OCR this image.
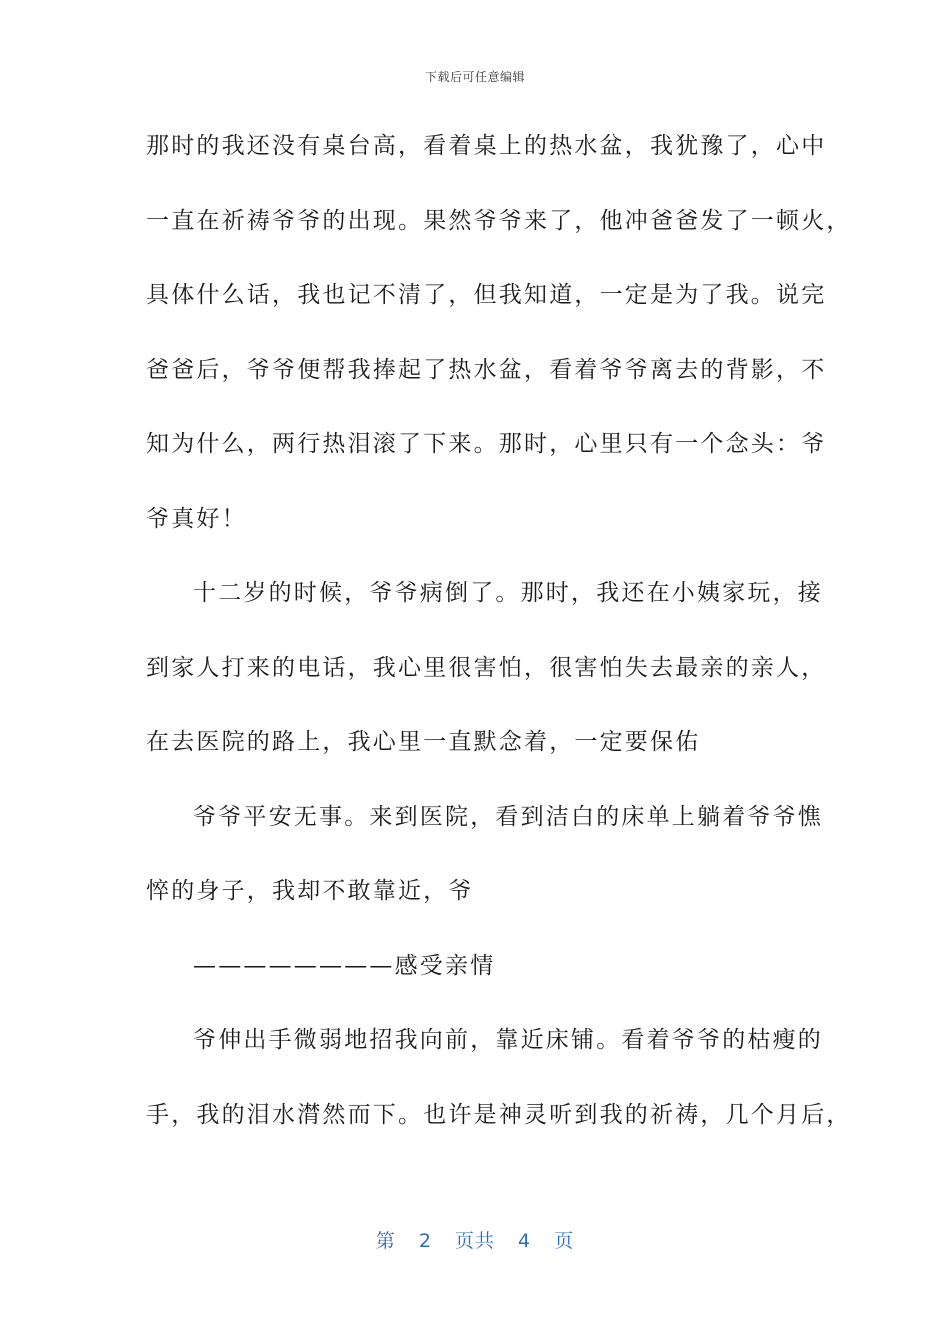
下载后可任意编辑
那时的我还没有桌台高，看着桌上的热水盆，我犹豫了，心中
一直在祈祷爷爷的出现。果然爷爷来了，他冲爸爸发了一顿火，
具体什么话，我也记不清了，但我知道，一定是为了我。说完
爸爸后，爷爷便帮我捧起了热水盆，看着爷爷离去的背影，不
知为什么，两行热泪滚了下来。那时，心里只有一个念头：爷
爷真好！
十二岁的时候，爷爷病倒了。那时，我还在小姨家玩，接
到家人打来的电话，我心里很害怕，很害怕失去最亲的亲人，
在去医院的路上，我心里一直默念着，一定要保佑
爷爷平安无事。来到医院，看到洁白的床单上躺着爷爷憔
悴的身子，我却不敢靠近，爷
————————感受亲情
爷伸出手微弱地招我向前，靠近床铺。看着爷爷的枯瘦的
手，我的泪水潸然而下。也许是神灵听到我的祈祷，几个月后，
第 2 页共 4 页
